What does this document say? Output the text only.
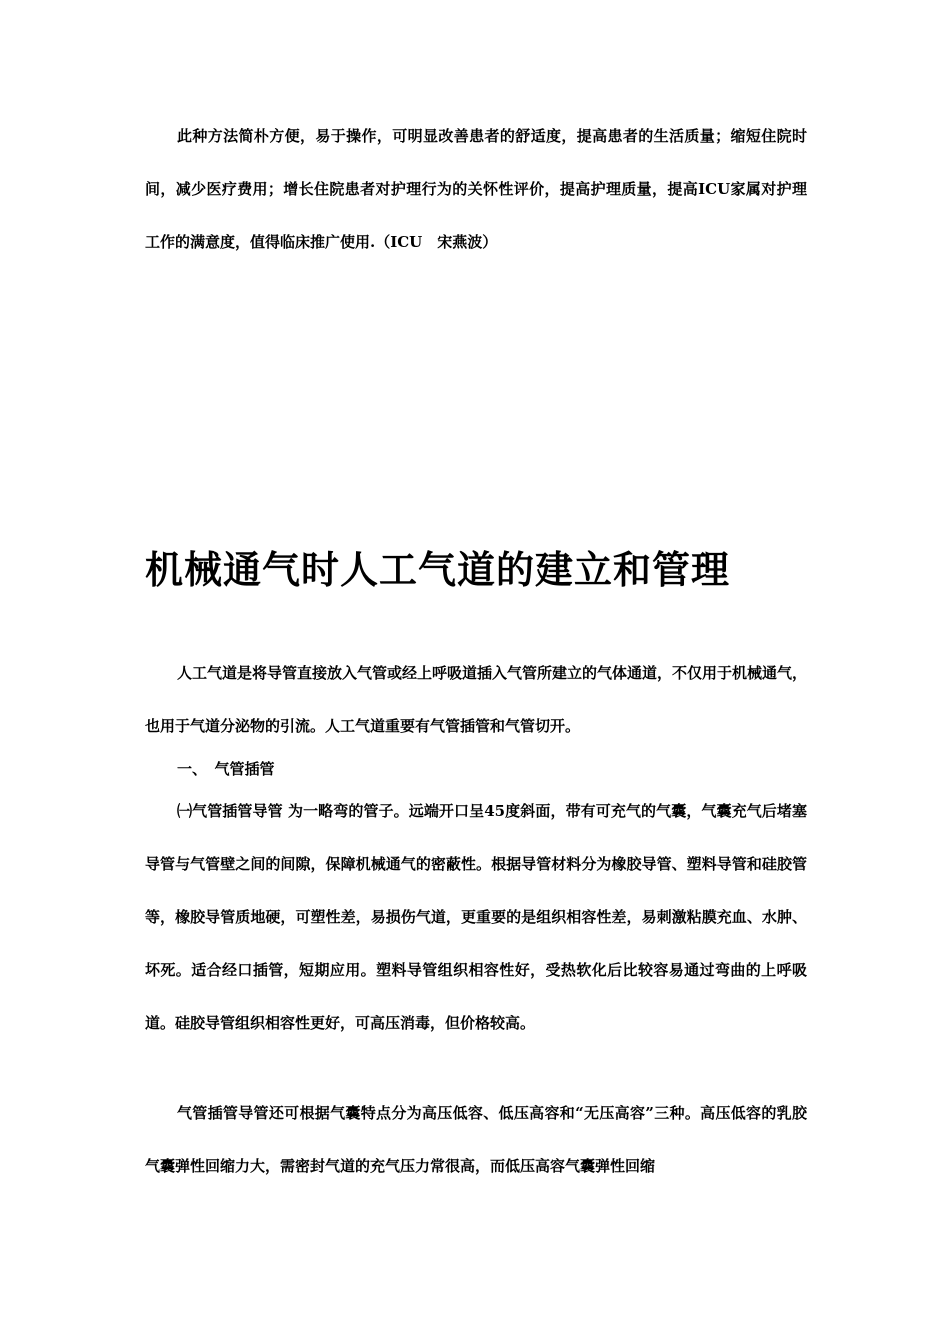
此种方法简朴方便，易于操作，可明显改善患者的舒适度，提高患者的生活质量；缩短住院时间，减少医疗费用；增长住院患者对护理行为的关怀性评价，提高护理质量，提高ICU家属对护理工作的满意度，值得临床推广使用.（ICU　宋燕波）

机械通气时人工气道的建立和管理

人工气道是将导管直接放入气管或经上呼吸道插入气管所建立的气体通道，不仅用于机械通气，也用于气道分泌物的引流。人工气道重要有气管插管和气管切开。

一、　气管插管

㈠气管插管导管 为一略弯的管子。远端开口呈45度斜面，带有可充气的气囊，气囊充气后堵塞导管与气管壁之间的间隙，保障机械通气的密蔽性。根据导管材料分为橡胶导管、塑料导管和硅胶管等，橡胶导管质地硬，可塑性差，易损伤气道，更重要的是组织相容性差，易刺激粘膜充血、水肿、坏死。适合经口插管，短期应用。塑料导管组织相容性好，受热软化后比较容易通过弯曲的上呼吸道。硅胶导管组织相容性更好，可高压消毒，但价格较高。

气管插管导管还可根据气囊特点分为高压低容、低压高容和“无压高容”三种。高压低容的乳胶气囊弹性回缩力大，需密封气道的充气压力常很高，而低压高容气囊弹性回缩
